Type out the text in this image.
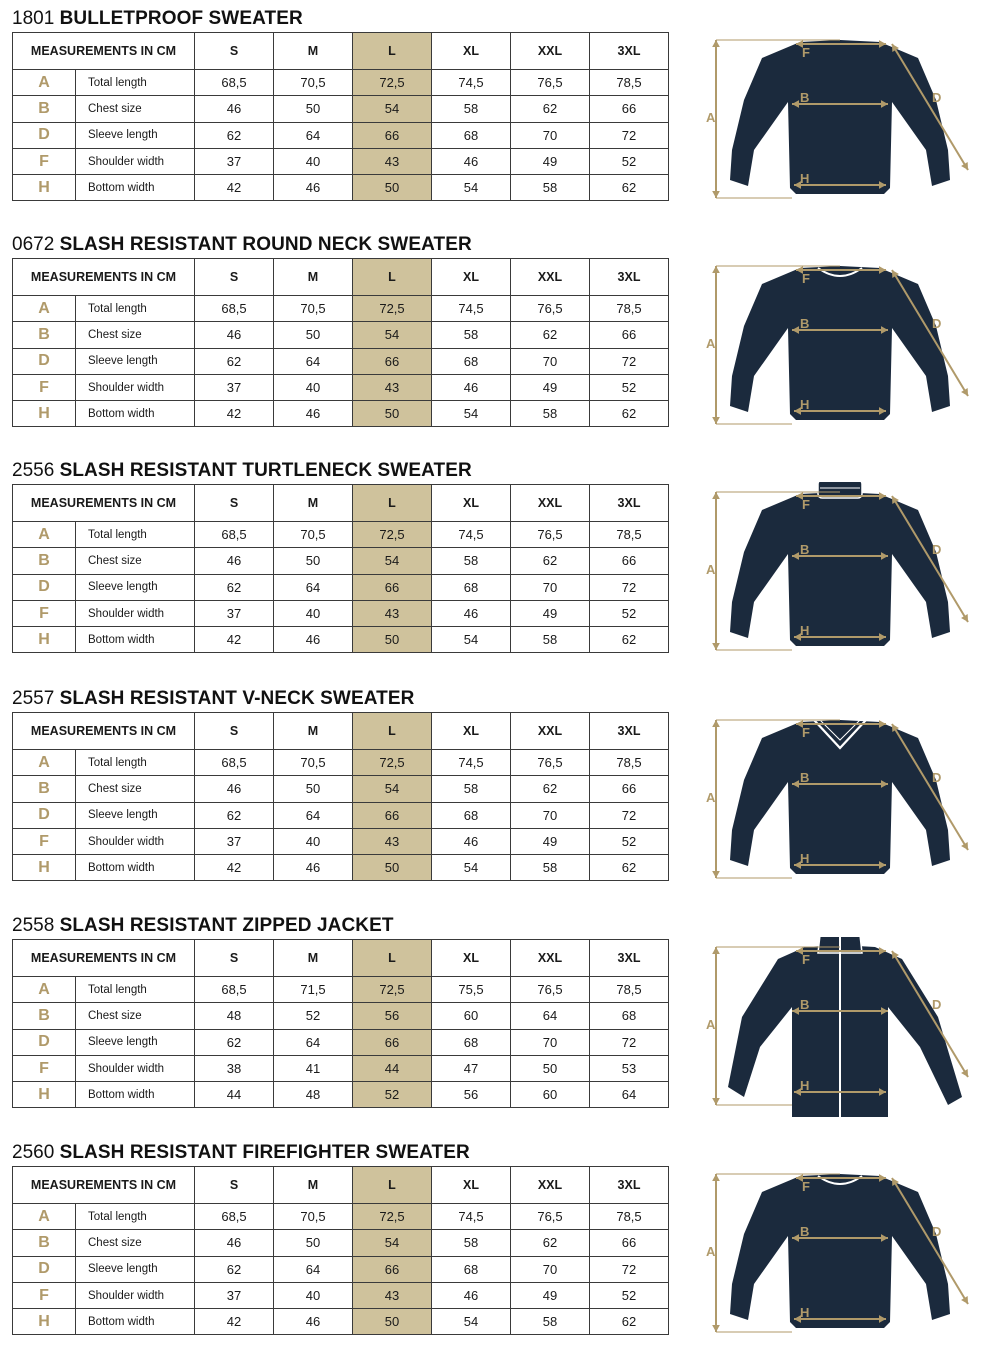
1801 BULLETPROOF SWEATER
MEASUREMENTS IN CM		S	M	L	XL	XXL	3XL
A	Total length	68,5	70,5	72,5	74,5	76,5	78,5
B	Chest size	46	50	54	58	62	66
D	Sleeve length	62	64	66	68	70	72
F	Shoulder width	37	40	43	46	49	52
H	Bottom width	42	46	50	54	58	62
A
B	D
F
H
0672 SLASH RESISTANT ROUND NECK SWEATER
MEASUREMENTS IN CM		S	M	L	XL	XXL	3XL
A	Total length	68,5	70,5	72,5	74,5	76,5	78,5
B	Chest size	46	50	54	58	62	66
D	Sleeve length	62	64	66	68	70	72
F	Shoulder width	37	40	43	46	49	52
H	Bottom width	42	46	50	54	58	62
A
B	D
F
H
2556 SLASH RESISTANT TURTLENECK SWEATER
MEASUREMENTS IN CM		S	M	L	XL	XXL	3XL
A	Total length	68,5	70,5	72,5	74,5	76,5	78,5
B	Chest size	46	50	54	58	62	66
D	Sleeve length	62	64	66	68	70	72
F	Shoulder width	37	40	43	46	49	52
H	Bottom width	42	46	50	54	58	62
A
B	D
F
H
2557 SLASH RESISTANT V-NECK SWEATER
MEASUREMENTS IN CM		S	M	L	XL	XXL	3XL
A	Total length	68,5	70,5	72,5	74,5	76,5	78,5
B	Chest size	46	50	54	58	62	66
D	Sleeve length	62	64	66	68	70	72
F	Shoulder width	37	40	43	46	49	52
H	Bottom width	42	46	50	54	58	62
A
B	D
F
H
2558 SLASH RESISTANT ZIPPED JACKET
MEASUREMENTS IN CM		S	M	L	XL	XXL	3XL
A	Total length	68,5	71,5	72,5	75,5	76,5	78,5
B	Chest size	48	52	56	60	64	68
D	Sleeve length	62	64	66	68	70	72
F	Shoulder width	38	41	44	47	50	53
H	Bottom width	44	48	52	56	60	64
A
B	D
F
H
2560 SLASH RESISTANT FIREFIGHTER SWEATER
MEASUREMENTS IN CM		S	M	L	XL	XXL	3XL
A	Total length	68,5	70,5	72,5	74,5	76,5	78,5
B	Chest size	46	50	54	58	62	66
D	Sleeve length	62	64	66	68	70	72
F	Shoulder width	37	40	43	46	49	52
H	Bottom width	42	46	50	54	58	62
A
B	D
F
H
